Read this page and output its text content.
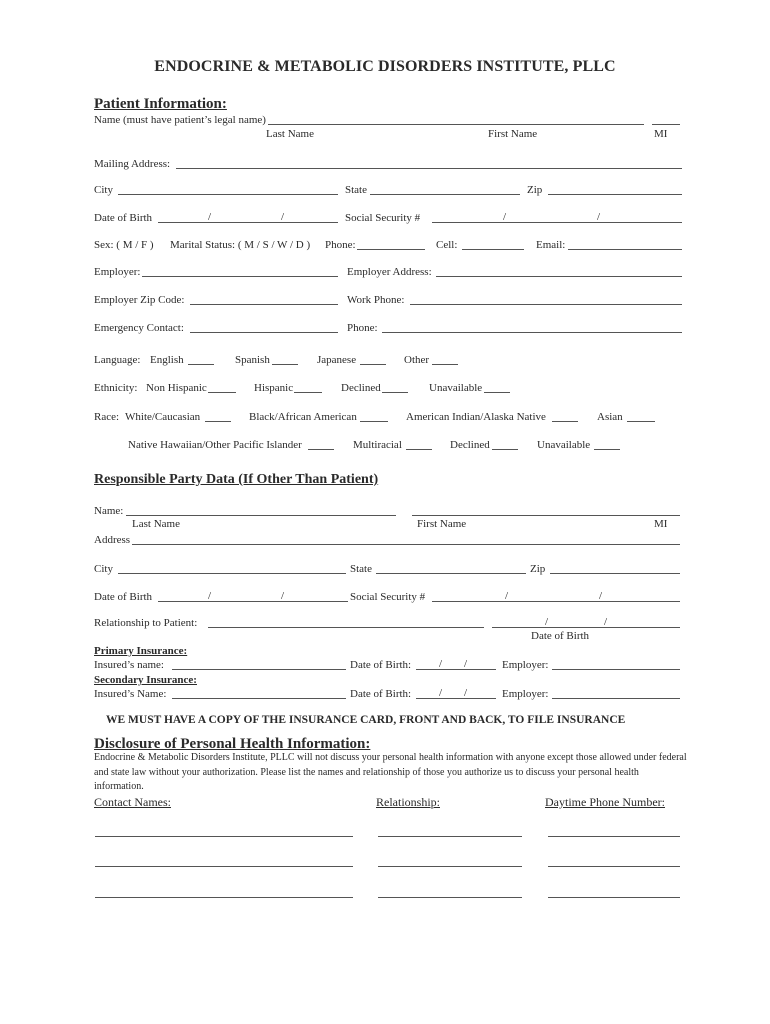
ENDOCRINE & METABOLIC DISORDERS INSTITUTE, PLLC
Patient Information:
Name (must have patient’s legal name)
Last Name	First Name	MI
Mailing Address:
City	State	Zip
Date of Birth	/	/	Social Security #	/	/
Sex: ( M / F ) Marital Status: ( M / S / W / D ) Phone:	Cell:	Email:
Employer:	Employer Address:
Employer Zip Code:	Work Phone:
Emergency Contact:	Phone:
Language: English	Spanish	Japanese	Other
Ethnicity: Non Hispanic	Hispanic	Declined	Unavailable
Race: White/Caucasian	Black/African American	American Indian/Alaska Native	Asian
Native Hawaiian/Other Pacific Islander	Multiracial	Declined	Unavailable
Responsible Party Data (If Other Than Patient)
Name:
Last Name	First Name	MI
Address
City	State	Zip
Date of Birth	/	/	Social Security #	/	/
Relationship to Patient:	/	/
Date of Birth
Primary Insurance:
Insured’s name:	Date of Birth:	/ /	Employer:
Secondary Insurance:
Insured’s Name:	Date of Birth:	/ /	Employer:
WE MUST HAVE A COPY OF THE INSURANCE CARD, FRONT AND BACK, TO FILE INSURANCE
Disclosure of Personal Health Information:
Endocrine & Metabolic Disorders Institute, PLLC will not discuss your personal health information with anyone except those allowed under federal and state law without your authorization. Please list the names and relationship of those you authorize us to discuss your personal health information.
Contact Names:	Relationship:	Daytime Phone Number:
